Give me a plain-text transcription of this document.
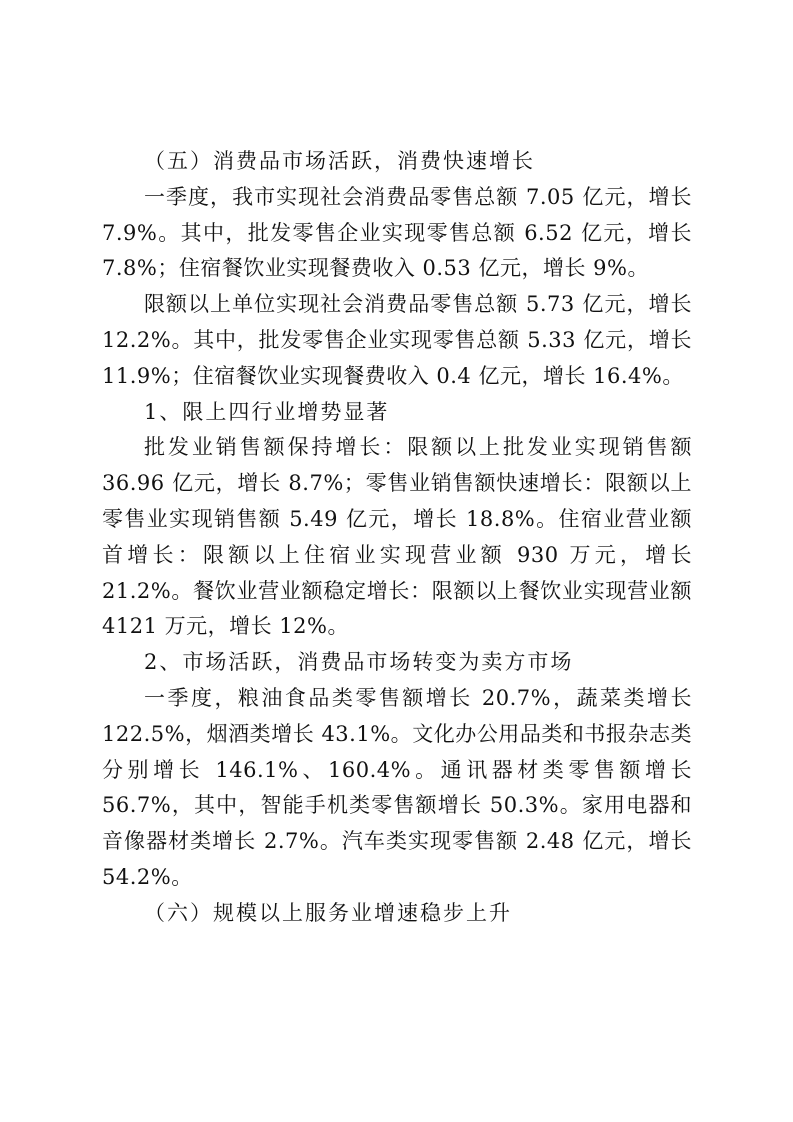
（五）消费品市场活跃，消费快速增长

一季度，我市实现社会消费品零售总额 7.05 亿元，增长 7.9%。其中，批发零售企业实现零售总额 6.52 亿元，增长 7.8%；住宿餐饮业实现餐费收入 0.53 亿元，增长 9%。

限额以上单位实现社会消费品零售总额 5.73 亿元，增长 12.2%。其中，批发零售企业实现零售总额 5.33 亿元，增长 11.9%；住宿餐饮业实现餐费收入 0.4 亿元，增长 16.4%。

1、限上四行业增势显著

批发业销售额保持增长：限额以上批发业实现销售额 36.96 亿元，增长 8.7%；零售业销售额快速增长：限额以上零售业实现销售额 5.49 亿元，增长 18.8%。住宿业营业额首增长：限额以上住宿业实现营业额 930 万元，增长 21.2%。餐饮业营业额稳定增长：限额以上餐饮业实现营业额 4121 万元，增长 12%。

2、市场活跃，消费品市场转变为卖方市场

一季度，粮油食品类零售额增长 20.7%，蔬菜类增长 122.5%，烟酒类增长 43.1%。文化办公用品类和书报杂志类分别增长 146.1%、160.4%。通讯器材类零售额增长 56.7%，其中，智能手机类零售额增长 50.3%。家用电器和音像器材类增长 2.7%。汽车类实现零售额 2.48 亿元，增长 54.2%。

（六）规模以上服务业增速稳步上升
